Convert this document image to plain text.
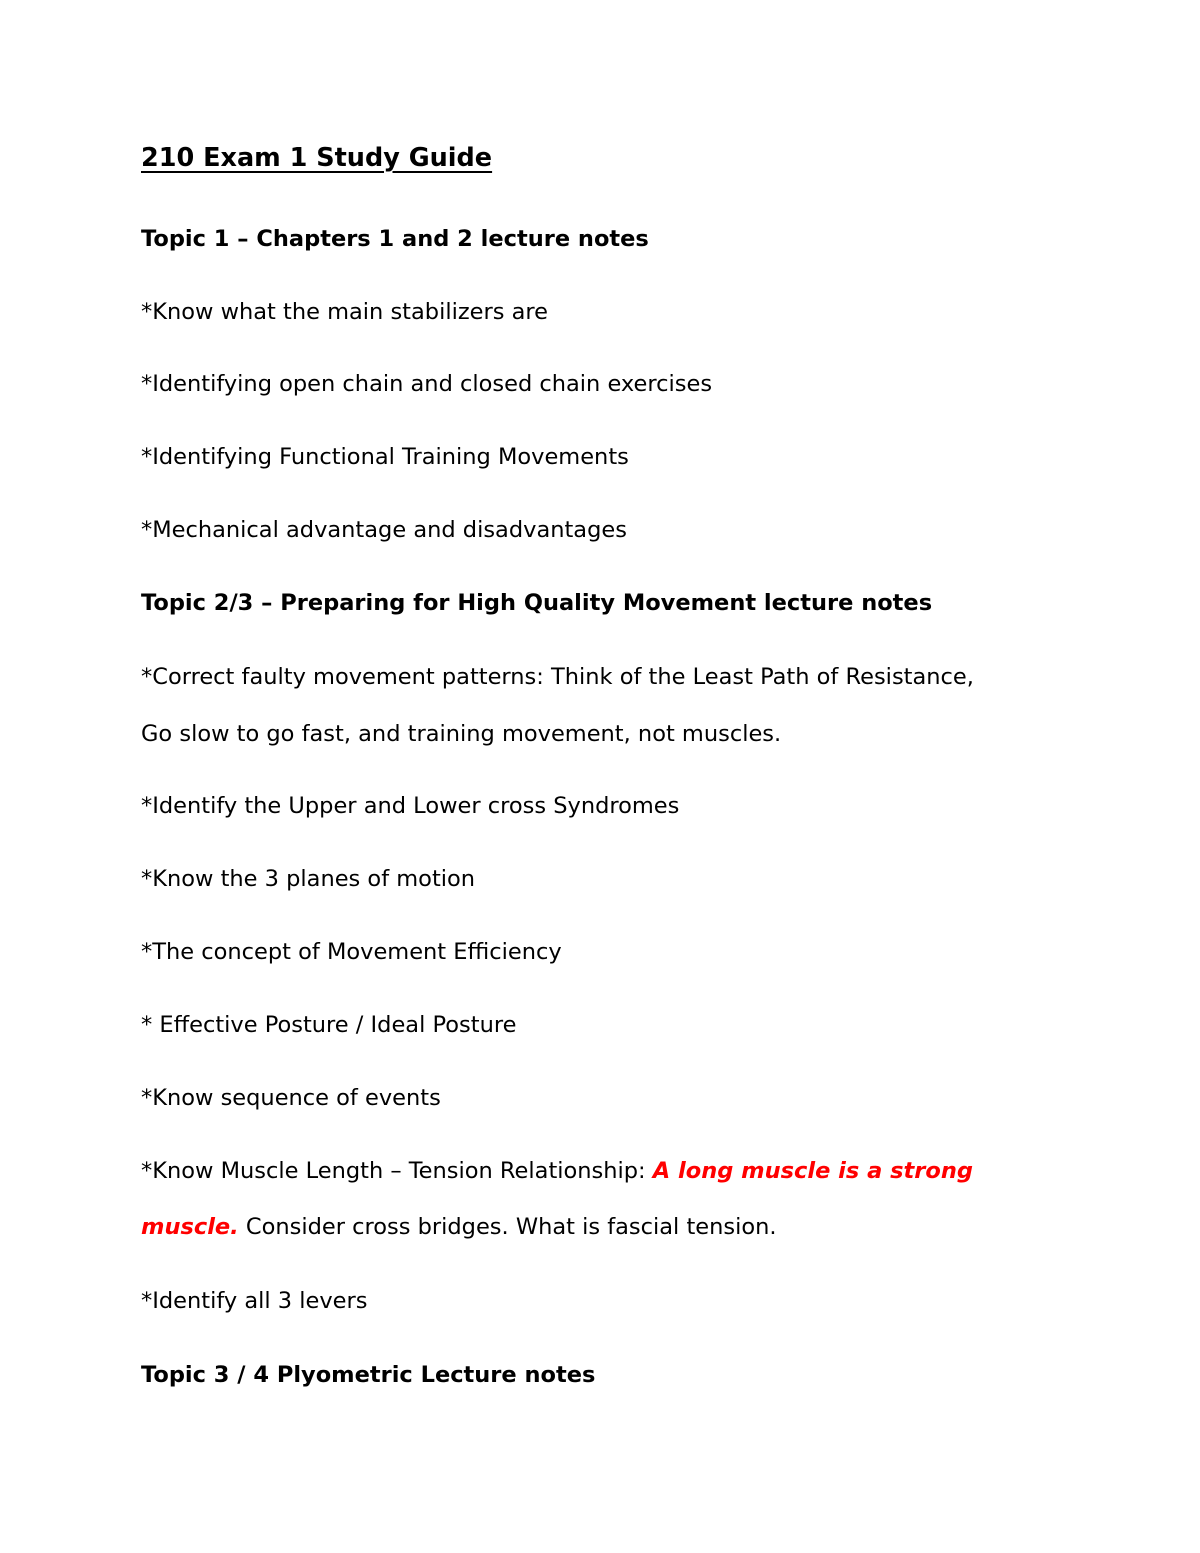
210 Exam 1 Study Guide
Topic 1 – Chapters 1 and 2 lecture notes
*Know what the main stabilizers are
*Identifying open chain and closed chain exercises
*Identifying Functional Training Movements
*Mechanical advantage and disadvantages
Topic 2/3 – Preparing for High Quality Movement lecture notes
*Correct faulty movement patterns: Think of the Least Path of Resistance,
Go slow to go fast, and training movement, not muscles.
*Identify the Upper and Lower cross Syndromes
*Know the 3 planes of motion
*The concept of Movement Efficiency
* Effective Posture / Ideal Posture
*Know sequence of events
*Know Muscle Length – Tension Relationship: A long muscle is a strong
muscle. Consider cross bridges. What is fascial tension.
*Identify all 3 levers
Topic 3 / 4 Plyometric Lecture notes
